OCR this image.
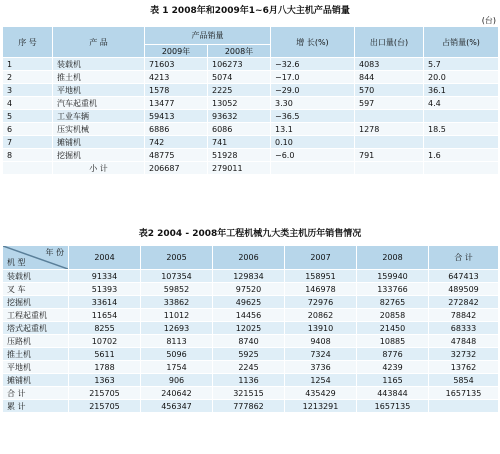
表 1 2008年和2009年1~6月八大主机产品销量
(台)
序 号	产 品	产品销量		增 长(%)	出口量(台)	占销量(%)
		2009年	2008年			
1	装载机	71603	106273	−32.6	4083	5.7
2	推土机	4213	5074	−17.0	844	20.0
3	平地机	1578	2225	−29.0	570	36.1
4	汽车起重机	13477	13052	3.30	597	4.4
5	工业车辆	59413	93632	−36.5		
6	压实机械	6886	6086	13.1	1278	18.5
7	摊铺机	742	741	0.10		
8	挖掘机	48775	51928	−6.0	791	1.6
	小 计	206687	279011			
表2 2004 - 2008年工程机械九大类主机历年销售情况
年 份
机 型	2004	2005	2006	2007	2008	合 计
装载机	91334	107354	129834	158951	159940	647413
叉 车	51393	59852	97520	146978	133766	489509
挖掘机	33614	33862	49625	72976	82765	272842
工程起重机	11654	11012	14456	20862	20858	78842
塔式起重机	8255	12693	12025	13910	21450	68333
压路机	10702	8113	8740	9408	10885	47848
推土机	5611	5096	5925	7324	8776	32732
平地机	1788	1754	2245	3736	4239	13762
摊铺机	1363	906	1136	1254	1165	5854
合 计	215705	240642	321515	435429	443844	1657135
累 计	215705	456347	777862	1213291	1657135	
